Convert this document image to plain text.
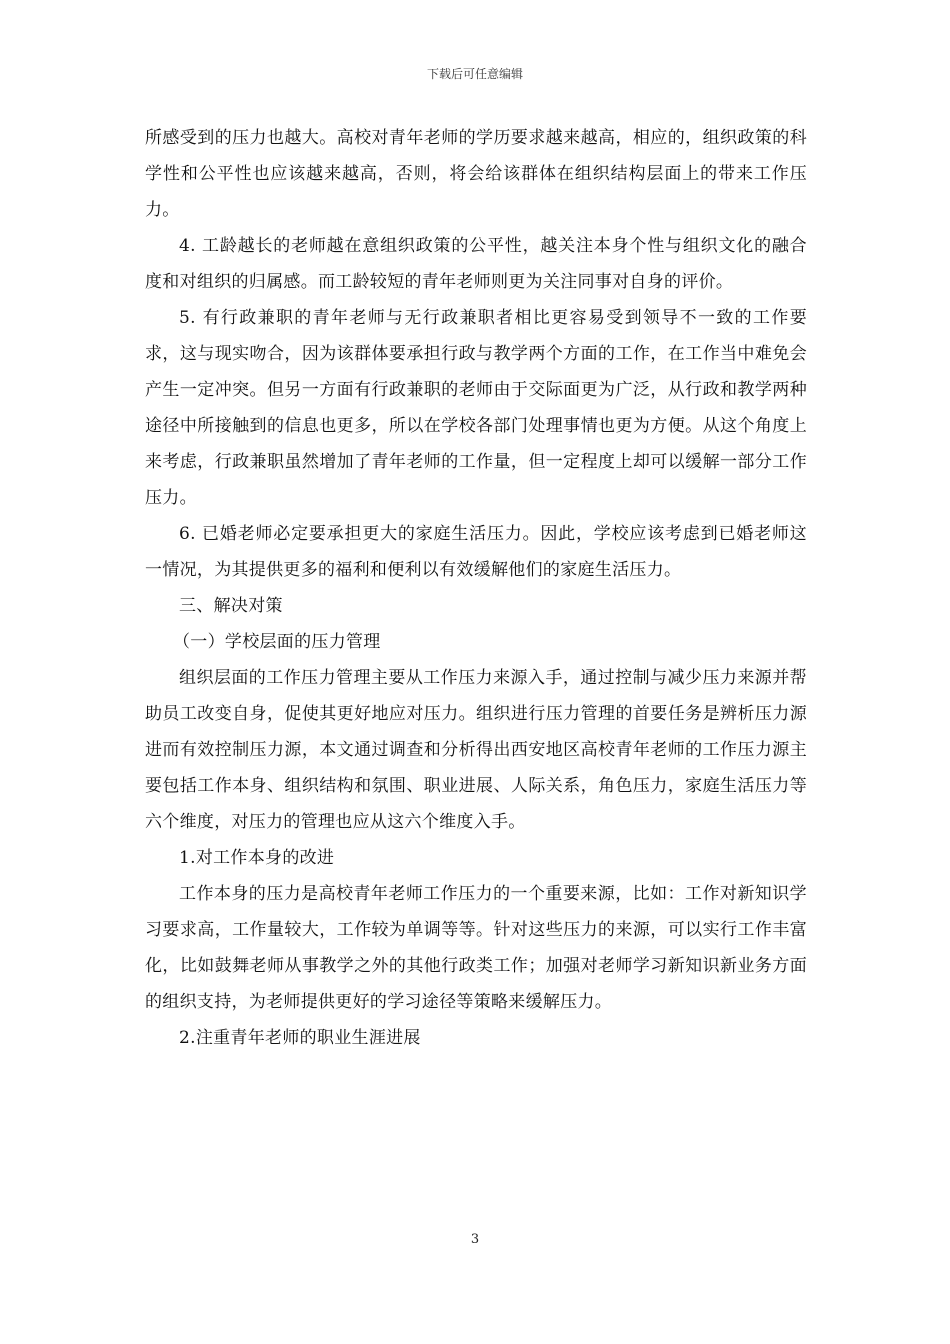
下载后可任意编辑

所感受到的压力也越大。高校对青年老师的学历要求越来越高，相应的，组织政策的科学性和公平性也应该越来越高，否则，将会给该群体在组织结构层面上的带来工作压力。

4. 工龄越长的老师越在意组织政策的公平性，越关注本身个性与组织文化的融合度和对组织的归属感。而工龄较短的青年老师则更为关注同事对自身的评价。

5. 有行政兼职的青年老师与无行政兼职者相比更容易受到领导不一致的工作要求，这与现实吻合，因为该群体要承担行政与教学两个方面的工作，在工作当中难免会产生一定冲突。但另一方面有行政兼职的老师由于交际面更为广泛，从行政和教学两种途径中所接触到的信息也更多，所以在学校各部门处理事情也更为方便。从这个角度上来考虑，行政兼职虽然增加了青年老师的工作量，但一定程度上却可以缓解一部分工作压力。

6. 已婚老师必定要承担更大的家庭生活压力。因此，学校应该考虑到已婚老师这一情况，为其提供更多的福利和便利以有效缓解他们的家庭生活压力。

三、解决对策

（一）学校层面的压力管理

组织层面的工作压力管理主要从工作压力来源入手，通过控制与减少压力来源并帮助员工改变自身，促使其更好地应对压力。组织进行压力管理的首要任务是辨析压力源进而有效控制压力源，本文通过调查和分析得出西安地区高校青年老师的工作压力源主要包括工作本身、组织结构和氛围、职业进展、人际关系，角色压力，家庭生活压力等六个维度，对压力的管理也应从这六个维度入手。

1.对工作本身的改进

工作本身的压力是高校青年老师工作压力的一个重要来源，比如：工作对新知识学习要求高，工作量较大，工作较为单调等等。针对这些压力的来源，可以实行工作丰富化，比如鼓舞老师从事教学之外的其他行政类工作；加强对老师学习新知识新业务方面的组织支持，为老师提供更好的学习途径等策略来缓解压力。

2.注重青年老师的职业生涯进展

3
